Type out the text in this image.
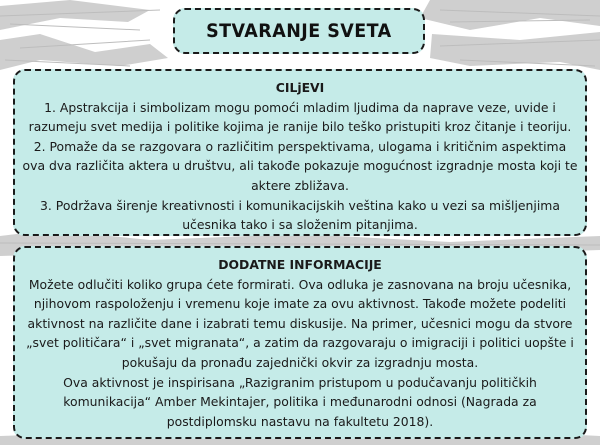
STVARANJE SVETA
CILjEVI

1. Apstrakcija i simbolizam mogu pomoći mladim ljudima da naprave veze, uvide i razumeju svet medija i politike kojima je ranije bilo teško pristupiti kroz čitanje i teoriju.

2. Pomaže da se razgovara o različitim perspektivama, ulogama i kritičnim aspektima ova dva različita aktera u društvu, ali takođe pokazuje mogućnost izgradnje mosta koji te aktere zbližava.

3. Podržava širenje kreativnosti i komunikacijskih veština kako u vezi sa mišljenjima učesnika tako i sa složenim pitanjima.

DODATNE INFORMACIJE

Možete odlučiti koliko grupa ćete formirati. Ova odluka je zasnovana na broju učesnika, njihovom raspoloženju i vremenu koje imate za ovu aktivnost. Takođe možete podeliti aktivnost na različite dane i izabrati temu diskusije. Na primer, učesnici mogu da stvore „svet političara“ i „svet migranata“, a zatim da razgovaraju o imigraciji i politici uopšte i pokušaju da pronađu zajednički okvir za izgradnju mosta.

Ova aktivnost je inspirisana „Razigranim pristupom u podučavanju političkih komunikacija“ Amber Mekintajer, politika i međunarodni odnosi (Nagrada za postdiplomsku nastavu na fakultetu 2018).
